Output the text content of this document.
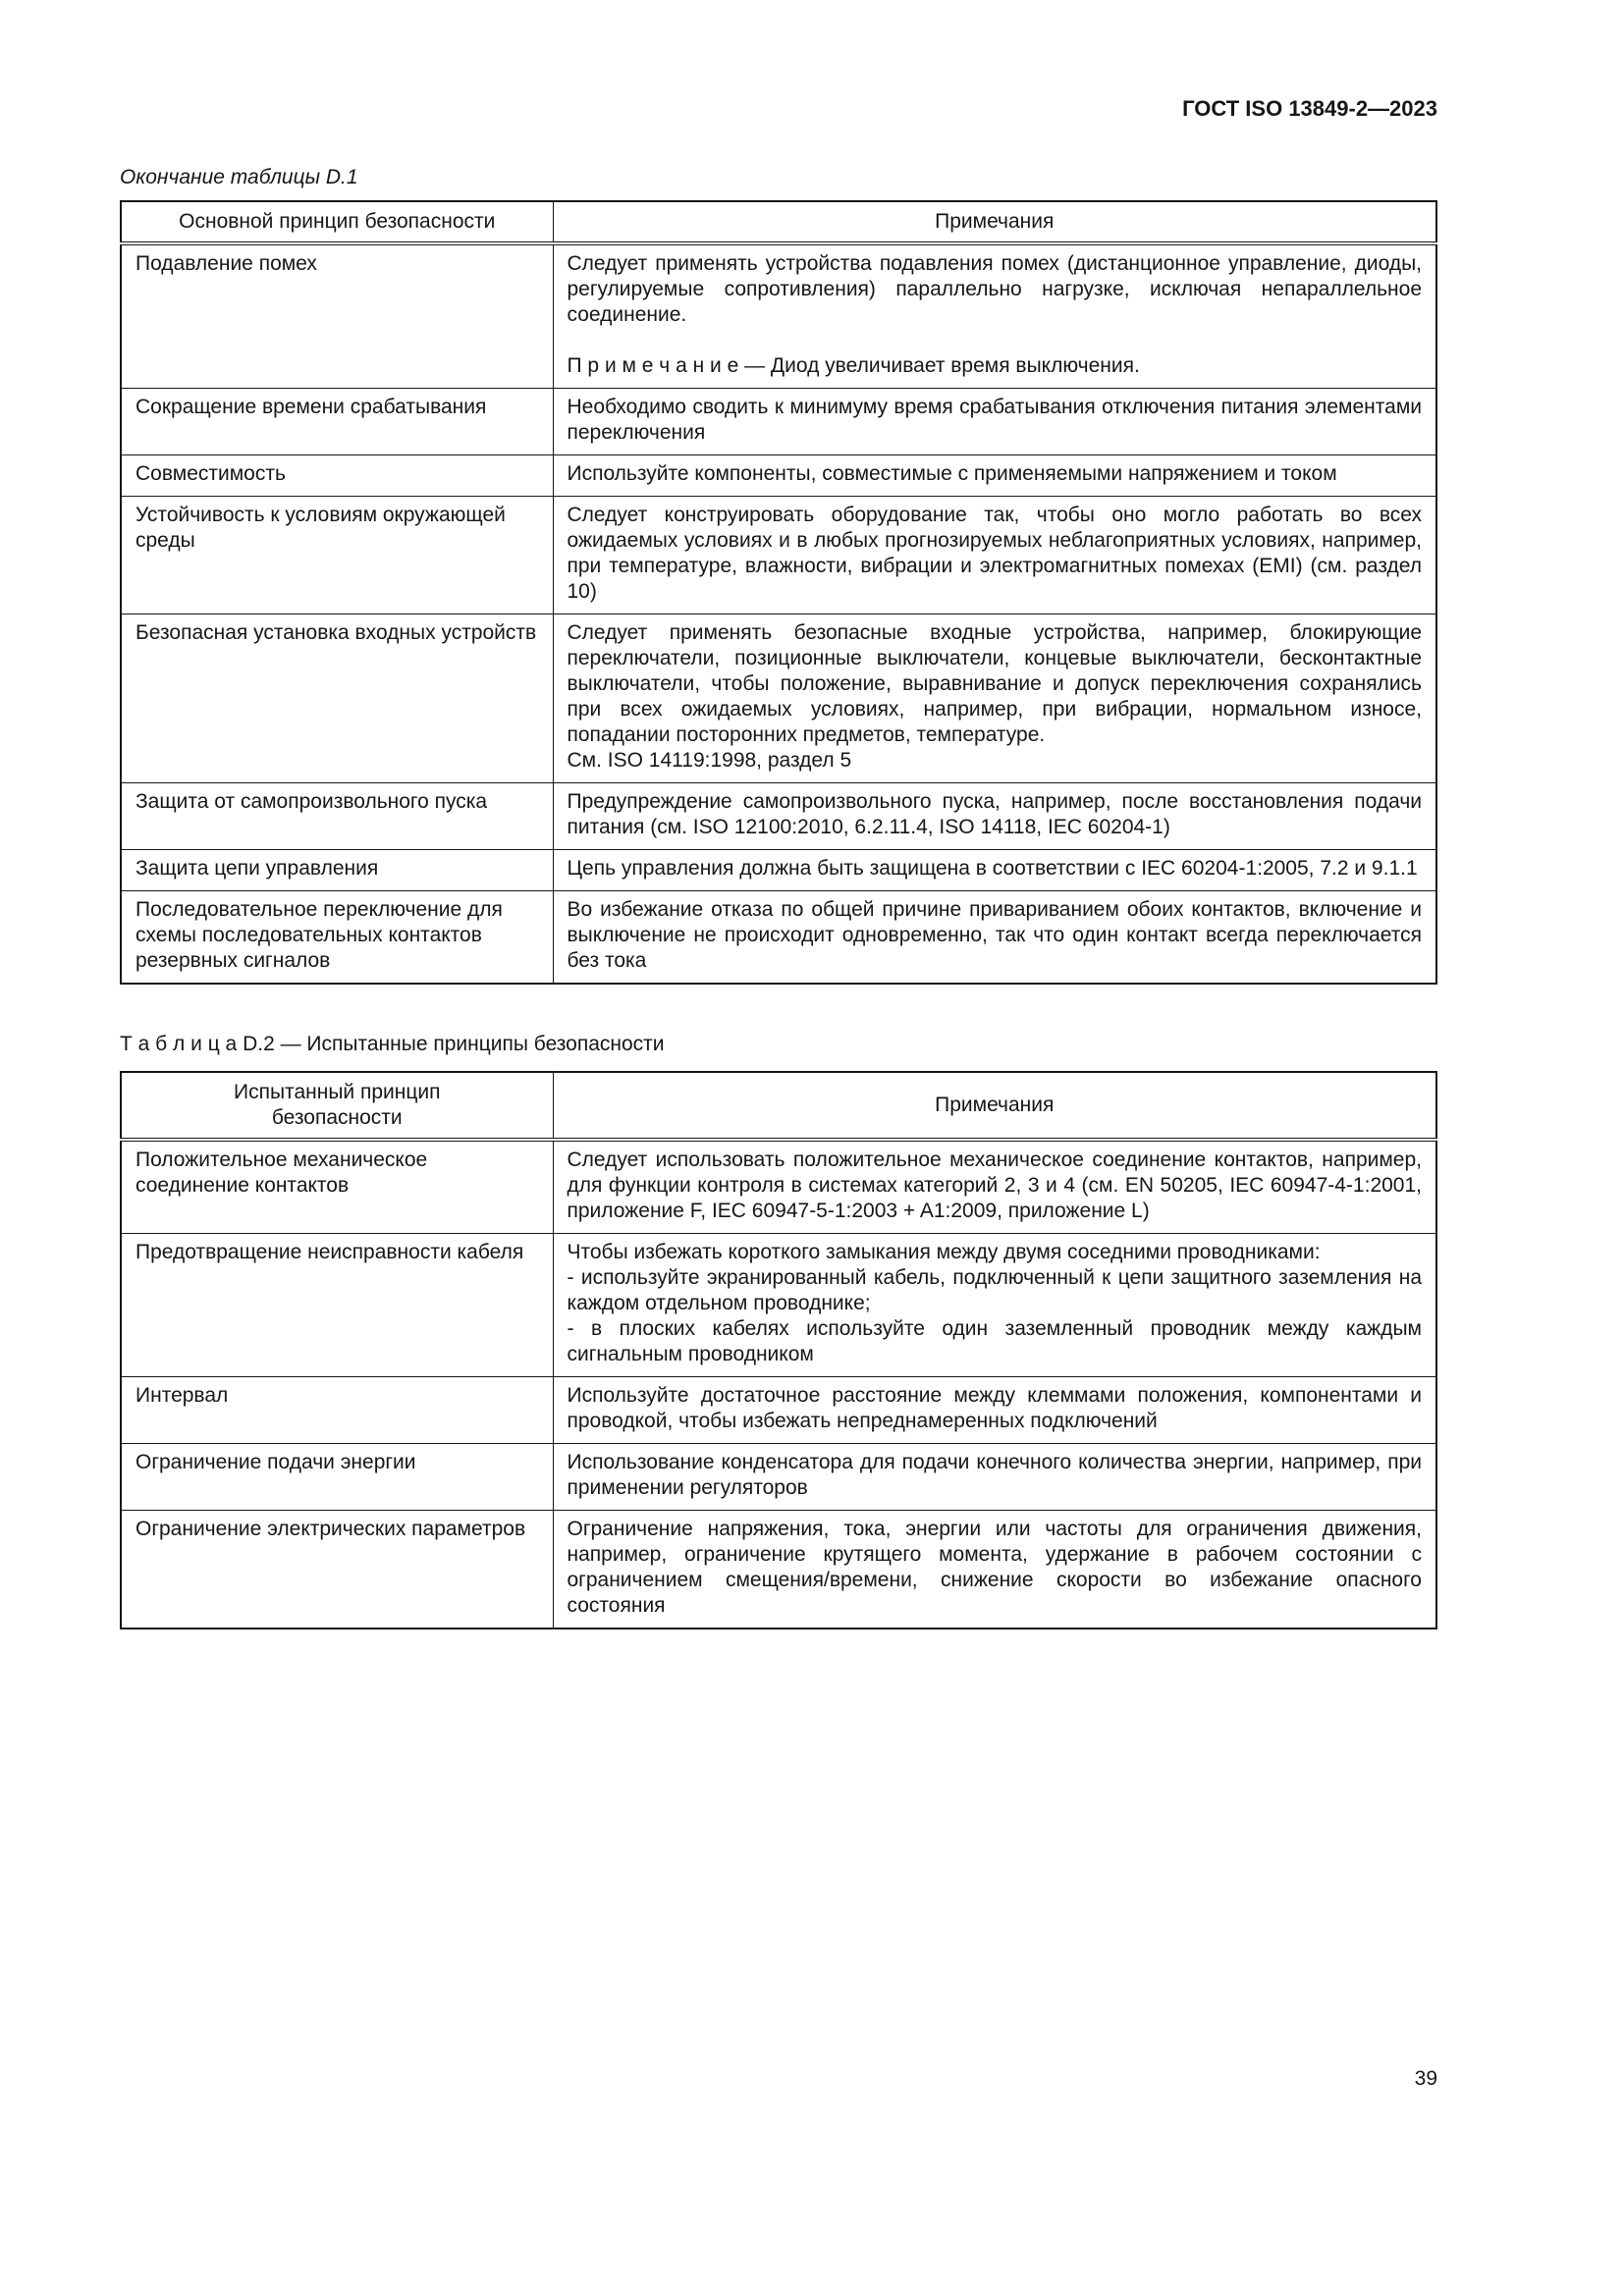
ГОСТ ISO 13849-2—2023
Окончание таблицы D.1
Основной принцип безопасности	Примечания
Подавление помех	Следует применять устройства подавления помех (дистанционное управление, диоды, регулируемые сопротивления) параллельно нагрузке, исключая непараллельное соединение.

П р и м е ч а н и е — Диод увеличивает время выключения.

Сокращение времени срабатывания	Необходимо сводить к минимуму время срабатывания отключения питания элементами переключения

Совместимость	Используйте компоненты, совместимые с применяемыми напряжением и током

Устойчивость к условиям окружающей среды	Следует конструировать оборудование так, чтобы оно могло работать во всех ожидаемых условиях и в любых прогнозируемых неблагоприятных условиях, например, при температуре, влажности, вибрации и электромагнитных помехах (EMI) (см. раздел 10)

Безопасная установка входных устройств	Следует применять безопасные входные устройства, например, блокирующие переключатели, позиционные выключатели, концевые выключатели, бесконтактные выключатели, чтобы положение, выравнивание и допуск переключения сохранялись при всех ожидаемых условиях, например, при вибрации, нормальном износе, попадании посторонних предметов, температуре.

См. ISO 14119:1998, раздел 5

Защита от самопроизвольного пуска	Предупреждение самопроизвольного пуска, например, после восстановления подачи питания (см. ISO 12100:2010, 6.2.11.4, ISO 14118, IEC 60204-1)

Защита цепи управления	Цепь управления должна быть защищена в соответствии с IEC 60204-1:2005, 7.2 и 9.1.1

Последовательное переключение для схемы последовательных контактов резервных сигналов	Во избежание отказа по общей причине привариванием обоих контактов, включение и выключение не происходит одновременно, так что один контакт всегда переключается без тока

Т а б л и ц а D.2 — Испытанные принципы безопасности
Испытанный принцип безопасности	Примечания
Положительное механическое соединение контактов	Следует использовать положительное механическое соединение контактов, например, для функции контроля в системах категорий 2, 3 и 4 (см. EN 50205, IEC 60947-4-1:2001, приложение F, IEC 60947-5-1:2003 + A1:2009, приложение L)

Предотвращение неисправности кабеля	Чтобы избежать короткого замыкания между двумя соседними проводниками:

- используйте экранированный кабель, подключенный к цепи защитного заземления на каждом отдельном проводнике;

- в плоских кабелях используйте один заземленный проводник между каждым сигнальным проводником

Интервал	Используйте достаточное расстояние между клеммами положения, компонентами и проводкой, чтобы избежать непреднамеренных подключений

Ограничение подачи энергии	Использование конденсатора для подачи конечного количества энергии, например, при применении регуляторов

Ограничение электрических параметров	Ограничение напряжения, тока, энергии или частоты для ограничения движения, например, ограничение крутящего момента, удержание в рабочем состоянии с ограничением смещения/времени, снижение скорости во избежание опасного состояния

39
